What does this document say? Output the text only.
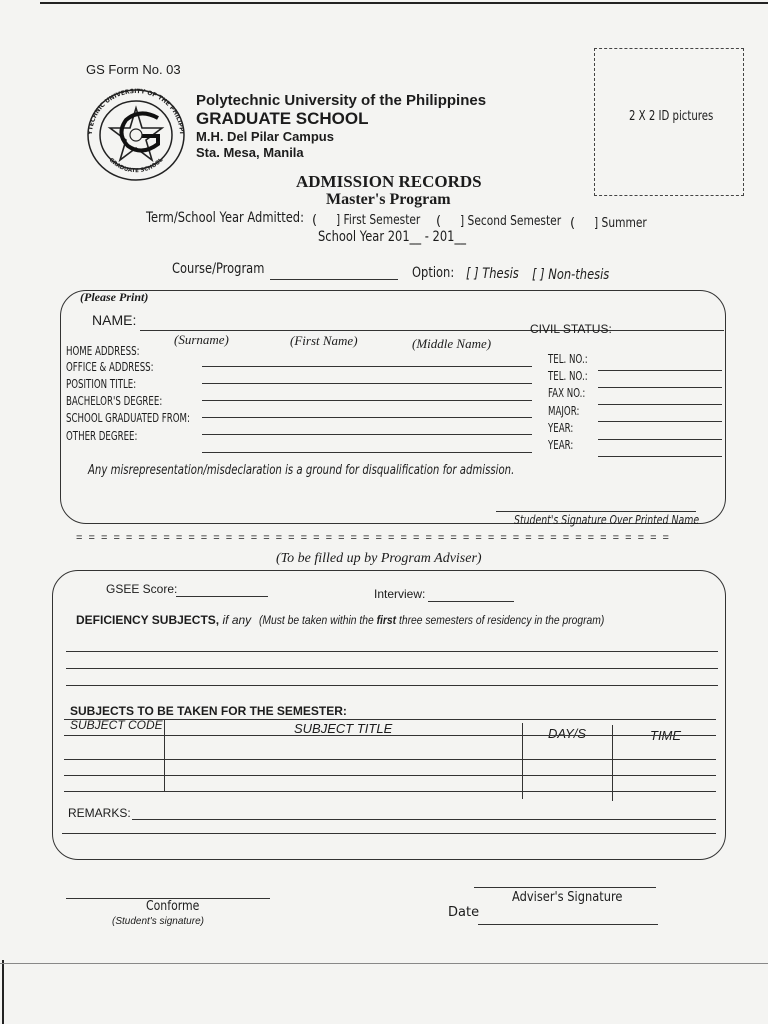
GS Form No. 03
YTECHNIC UNIVERSITY OF THE PHILIPPI
GRADUATE SCHOOL
Polytechnic University of the Philippines
GRADUATE SCHOOL
M.H. Del Pilar Campus
Sta. Mesa, Manila
2 X 2 ID pictures
ADMISSION RECORDS
Master's Program
Term/School Year Admitted: ( ] First Semester	( ] Second Semester ( ] Summer
School Year 201__ - 201__
Course/Program	Option: [ ] Thesis [ ] Non-thesis
(Please Print)
NAME:
(Surname)	(First Name)	(Middle Name)
CIVIL STATUS:
HOME ADDRESS:
OFFICE & ADDRESS:
POSITION TITLE:
BACHELOR'S DEGREE:
SCHOOL GRADUATED FROM:
OTHER DEGREE:
TEL. NO.:
TEL. NO.:
FAX NO.:
MAJOR:
YEAR:
YEAR:
Any misrepresentation/misdeclaration is a ground for disqualification for admission.
Student's Signature Over Printed Name
= = = = = = = = = = = = = = = = = = = = = = = = = = = = = = = = = = = = = = = = = = = = = = = =
(To be filled up by Program Adviser)
GSEE Score:	Interview:
DEFICIENCY SUBJECTS, if any (Must be taken within the first three semesters of residency in the program)
SUBJECTS TO BE TAKEN FOR THE SEMESTER:
SUBJECT CODE	SUBJECT TITLE	DAY/S	TIME
REMARKS:
Conforme
(Student's signature)
Adviser's Signature
Date
